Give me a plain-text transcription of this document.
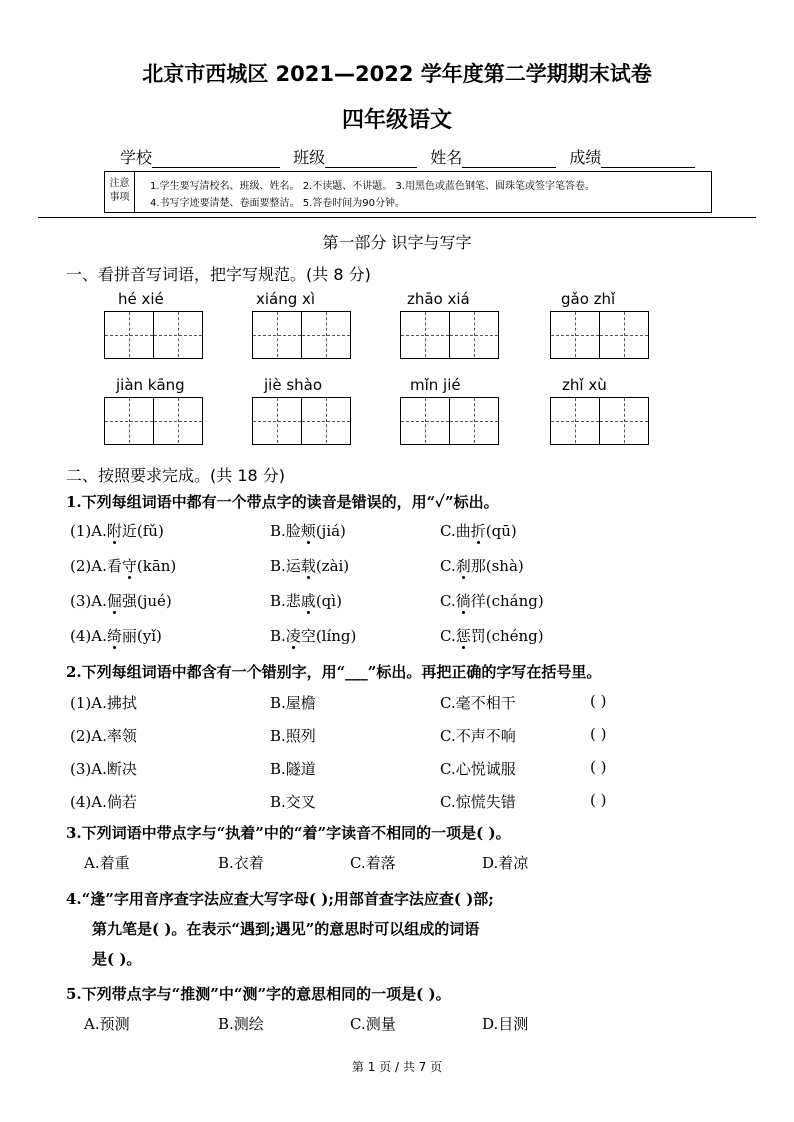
北京市西城区 2021—2022 学年度第二学期期末试卷
四年级语文
学校	班级	姓名	成绩
注意
事项
1.学生要写清校名、班级、姓名。 2.不读题、不讲题。 3.用黑色或蓝色钢笔、圆珠笔或签字笔答卷。
4.书写字迹要清楚、卷面要整洁。 5.答卷时间为90分钟。
第一部分 识字与写字
一、看拼音写词语，把字写规范。(共 8 分)
hé xié	xiáng xì	zhāo xiá	gǎo zhǐ
jiàn kāng	jiè shào	mǐn jié	zhǐ xù
二、按照要求完成。(共 18 分)
1.下列每组词语中都有一个带点字的读音是错误的，用“✓”标出。
(1)A.附近(fǔ)	B.脸颊(jiá)	C.曲折(qū)
(2)A.看守(kān)	B.运载(zài)	C.刹那(shà)
(3)A.倔强(jué)	B.悲戚(qì)	C.徜徉(cháng)
(4)A.绮丽(yǐ)	B.凌空(líng)	C.惩罚(chéng)
2.下列每组词语中都含有一个错别字，用“___”标出。再把正确的字写在括号里。
(1)A.拂拭	B.屋檐	C.毫不相干	( )
(2)A.率领	B.照列	C.不声不响	( )
(3)A.断决	B.隧道	C.心悦诚服	( )
(4)A.倘若	B.交叉	C.惊慌失错	( )
3.下列词语中带点字与“执着”中的“着”字读音不相同的一项是( )。
A.着重	B.衣着	C.着落	D.着凉
4.“逢”字用音序查字法应查大写字母( );用部首查字法应查( )部;
第九笔是( )。在表示“遇到;遇见”的意思时可以组成的词语
是( )。
5.下列带点字与“推测”中“测”字的意思相同的一项是( )。
A.预测	B.测绘	C.测量	D.目测
第 1 页 / 共 7 页
